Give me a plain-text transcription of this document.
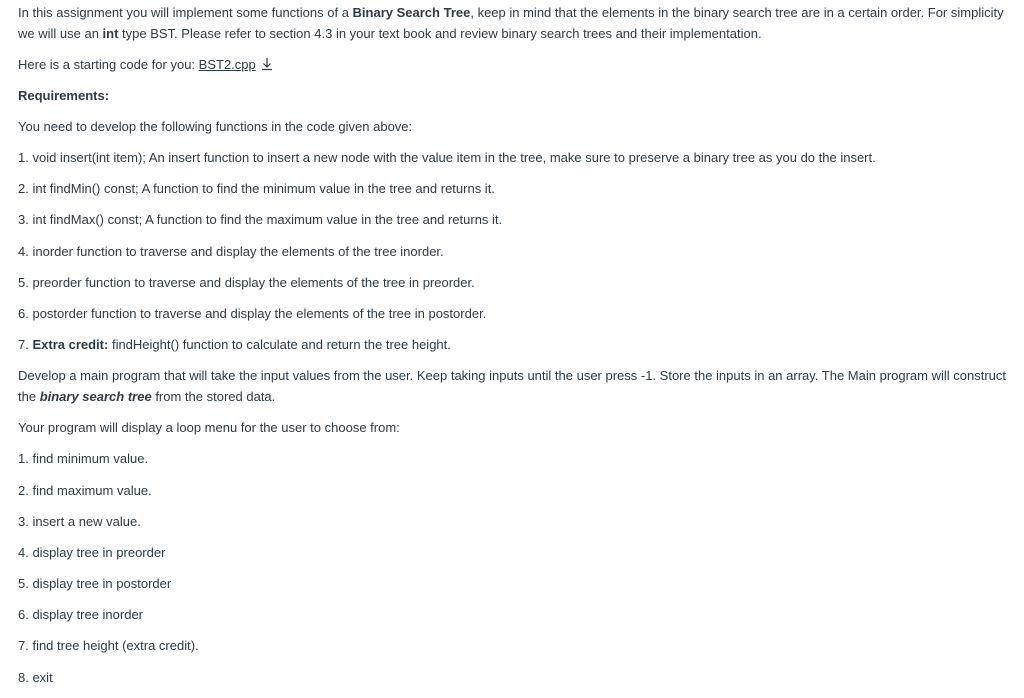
In this assignment you will implement some functions of a Binary Search Tree, keep in mind that the elements in the binary search tree are in a certain order. For simplicity we will use an int type BST. Please refer to section 4.3 in your text book and review binary search trees and their implementation.

Here is a starting code for you: BST2.cpp

Requirements:

You need to develop the following functions in the code given above:

1. void insert(int item); An insert function to insert a new node with the value item in the tree, make sure to preserve a binary tree as you do the insert.

2. int findMin() const; A function to find the minimum value in the tree and returns it.

3. int findMax() const; A function to find the maximum value in the tree and returns it.

4. inorder function to traverse and display the elements of the tree inorder.

5. preorder function to traverse and display the elements of the tree in preorder.

6. postorder function to traverse and display the elements of the tree in postorder.

7. Extra credit: findHeight() function to calculate and return the tree height.

Develop a main program that will take the input values from the user. Keep taking inputs until the user press -1. Store the inputs in an array. The Main program will construct the binary search tree from the stored data.

Your program will display a loop menu for the user to choose from:

1. find minimum value.

2. find maximum value.

3. insert a new value.

4. display tree in preorder

5. display tree in postorder

6. display tree inorder

7. find tree height (extra credit).

8. exit
